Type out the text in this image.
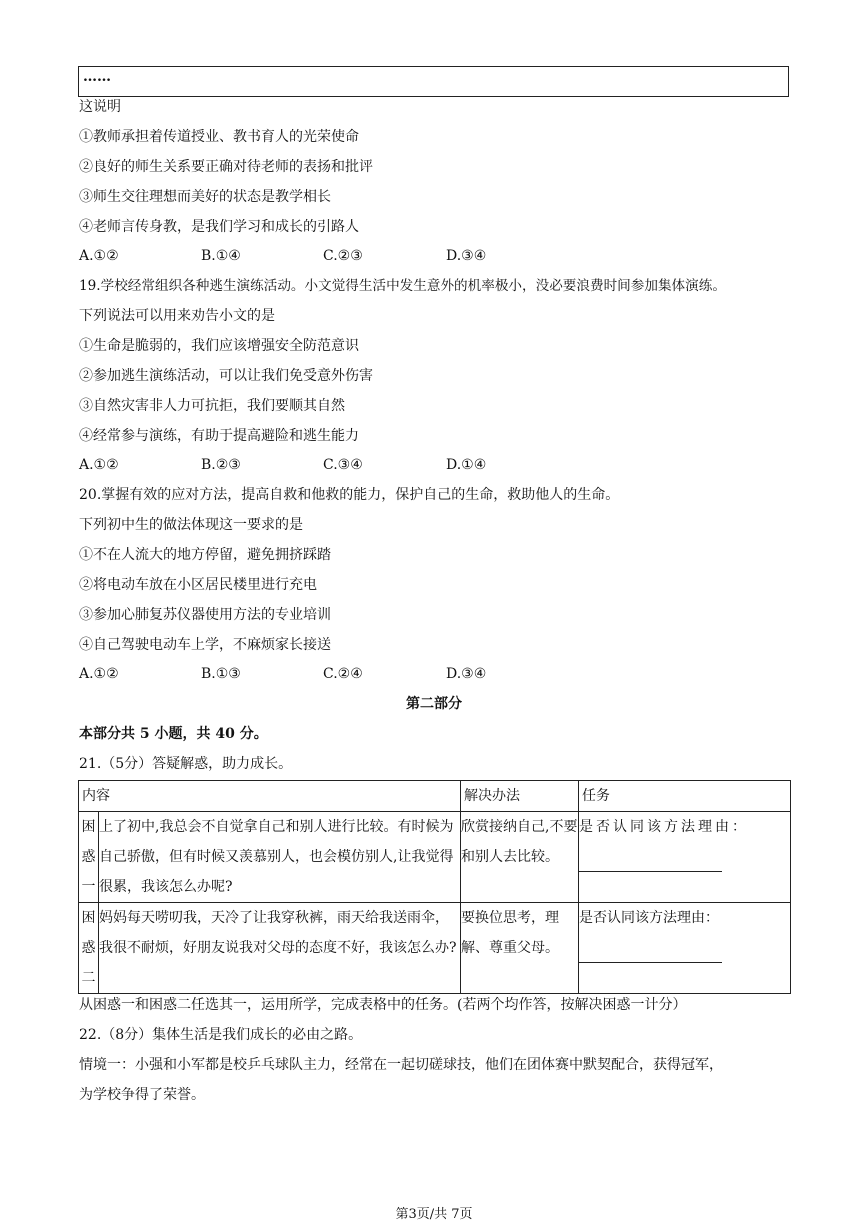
……
这说明
①教师承担着传道授业、教书育人的光荣使命
②良好的师生关系要正确对待老师的表扬和批评
③师生交往理想而美好的状态是教学相长
④老师言传身教，是我们学习和成长的引路人
A.①②	B.①④	C.②③	D.③④
19.学校经常组织各种逃生演练活动。小文觉得生活中发生意外的机率极小，没必要浪费时间参加集体演练。
下列说法可以用来劝告小文的是
①生命是脆弱的，我们应该增强安全防范意识
②参加逃生演练活动，可以让我们免受意外伤害
③自然灾害非人力可抗拒，我们要顺其自然
④经常参与演练，有助于提高避险和逃生能力
A.①②	B.②③	C.③④	D.①④
20.掌握有效的应对方法，提高自救和他救的能力，保护自己的生命，救助他人的生命。
下列初中生的做法体现这一要求的是
①不在人流大的地方停留，避免拥挤踩踏
②将电动车放在小区居民楼里进行充电
③参加心肺复苏仪器使用方法的专业培训
④自己驾驶电动车上学，不麻烦家长接送
A.①②	B.①③	C.②④	D.③④
第二部分
本部分共 5 小题，共 40 分。
21.（5分）答疑解惑，助力成长。
内容		解决办法	任务

困
惑
一	上了初中,我总会不自觉拿自己和别人进行比较。有时候为自己骄傲，但有时候又羡慕别人，也会模仿别人,让我觉得很累，我该怎么办呢?	欣赏接纳自己,不要和别人去比较。	是否认同该方法理由：

困
惑
二	妈妈每天唠叨我，天冷了让我穿秋裤，雨天给我送雨伞，我很不耐烦，好朋友说我对父母的态度不好，我该怎么办?	要换位思考，理解、尊重父母。	是否认同该方法理由：
从困惑一和困惑二任选其一，运用所学，完成表格中的任务。(若两个均作答，按解决困惑一计分）
22.（8分）集体生活是我们成长的必由之路。
情境一：小强和小军都是校乒乓球队主力，经常在一起切磋球技，他们在团体赛中默契配合，获得冠军，
为学校争得了荣誉。
第3页/共 7页
